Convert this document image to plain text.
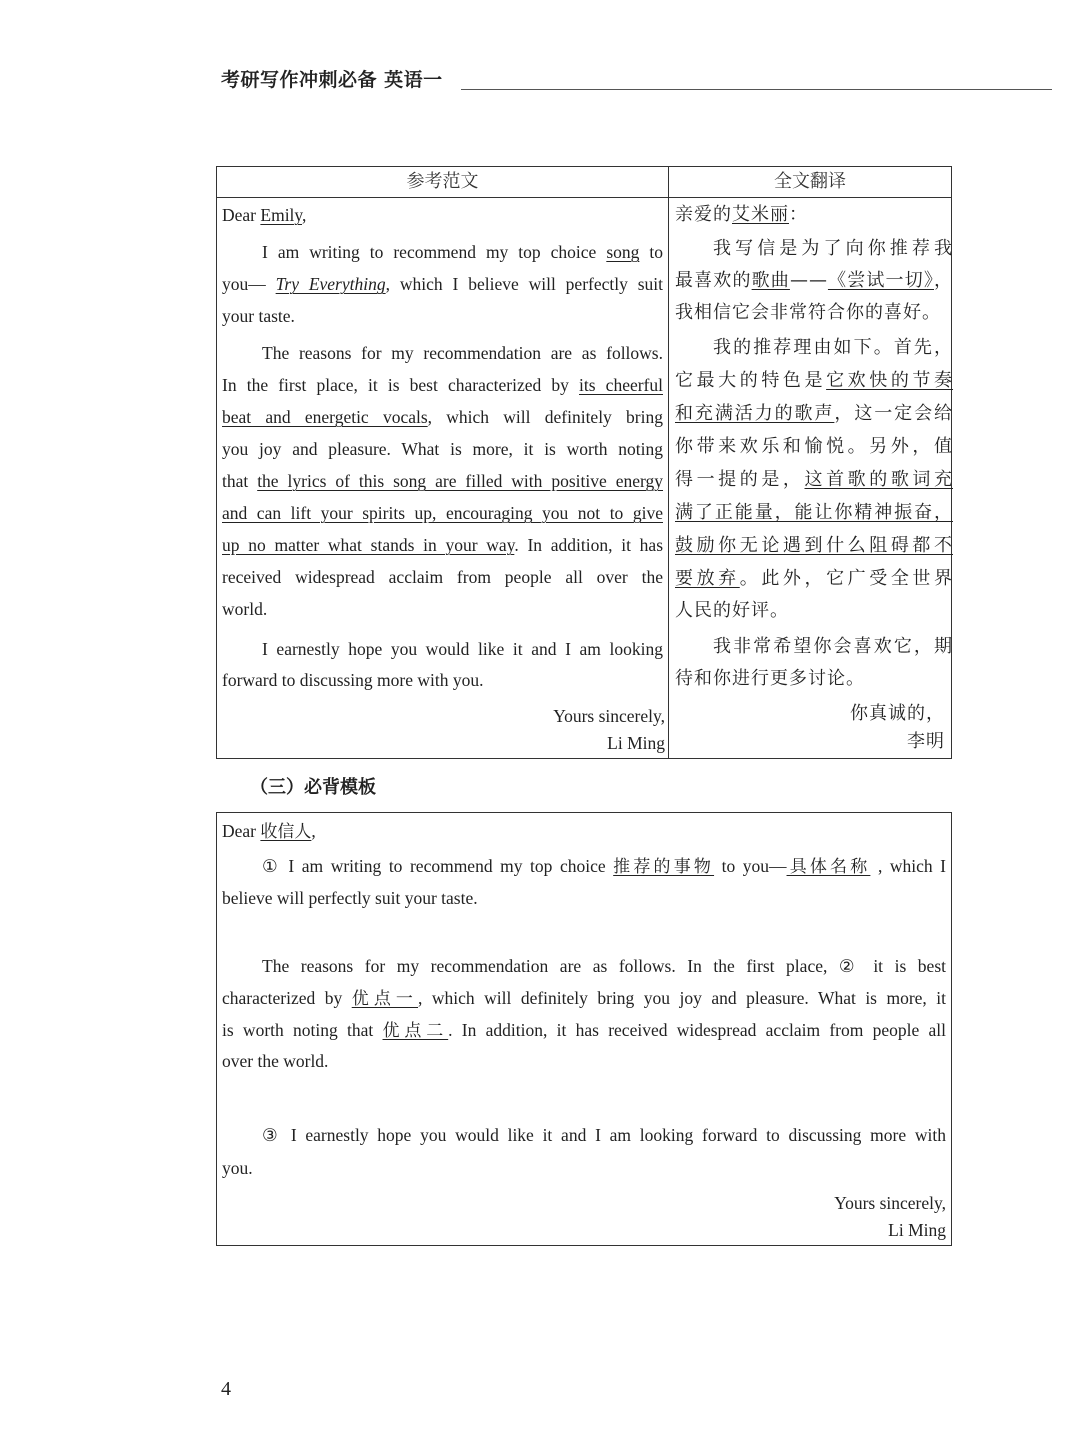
考研写作冲刺必备 英语一
参考范文	全文翻译
Dear Emily,
I am writing to recommend my top choice song to
you— Try Everything, which I believe will perfectly suit
your taste.
The reasons for my recommendation are as follows.
In the first place, it is best characterized by its cheerful
beat and energetic vocals, which will definitely bring
you joy and pleasure. What is more, it is worth noting
that the lyrics of this song are filled with positive energy
and can lift your spirits up, encouraging you not to give
up no matter what stands in your way. In addition, it has
received widespread acclaim from people all over the
world.
I earnestly hope you would like it and I am looking
forward to discussing more with you.
Yours sincerely,
Li Ming
亲爱的艾米丽：
我写信是为了向你推荐我
最喜欢的歌曲——《尝试一切》，
我相信它会非常符合你的喜好。
我的推荐理由如下。首先，
它最大的特色是它欢快的节奏
和充满活力的歌声，这一定会给
你带来欢乐和愉悦。另外，值
得一提的是，这首歌的歌词充
满了正能量，能让你精神振奋，
鼓励你无论遇到什么阻碍都不
要放弃。此外，它广受全世界
人民的好评。
我非常希望你会喜欢它，期
待和你进行更多讨论。
你真诚的，
李明
（三）必背模板
Dear 收信人,
① I am writing to recommend my top choice 推荐的事物 to you—具体名称 , which I
believe will perfectly suit your taste.
The reasons for my recommendation are as follows. In the first place, ② it is best
characterized by 优点一, which will definitely bring you joy and pleasure. What is more, it
is worth noting that 优点二. In addition, it has received widespread acclaim from people all
over the world.
③ I earnestly hope you would like it and I am looking forward to discussing more with
you.
Yours sincerely,
Li Ming
4
